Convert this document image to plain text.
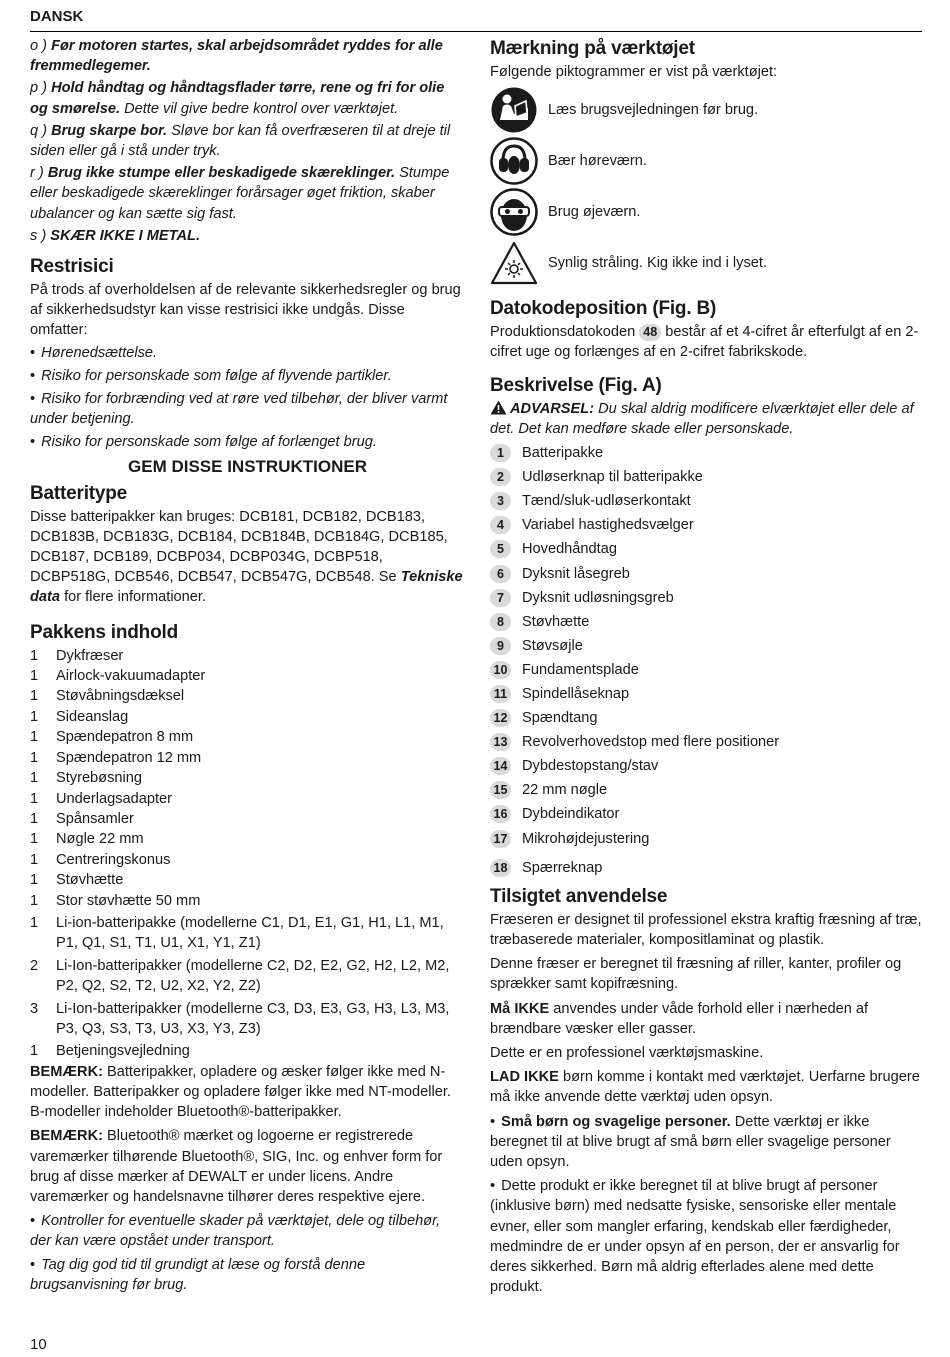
DANSK

o ) Før motoren startes, skal arbejdsområdet ryddes for alle fremmedlegemer.

p ) Hold håndtag og håndtagsflader tørre, rene og fri for olie og smørelse. Dette vil give bedre kontrol over værktøjet.

q ) Brug skarpe bor. Sløve bor kan få overfræseren til at dreje til siden eller gå i stå under tryk.

r ) Brug ikke stumpe eller beskadigede skæreklinger. Stumpe eller beskadigede skæreklinger forårsager øget friktion, skaber ubalancer og kan sætte sig fast.

s ) SKÆR IKKE I METAL.

Restrisici

På trods af overholdelsen af de relevante sikkerhedsregler og brug af sikkerhedsudstyr kan visse restrisici ikke undgås. Disse omfatter:

• Hørenedsættelse.

• Risiko for personskade som følge af flyvende partikler.

• Risiko for forbrænding ved at røre ved tilbehør, der bliver varmt under betjening.

• Risiko for personskade som følge af forlænget brug.

GEM DISSE INSTRUKTIONER
Batteritype

Disse batteripakker kan bruges: DCB181, DCB182, DCB183, DCB183B, DCB183G, DCB184, DCB184B, DCB184G, DCB185, DCB187, DCB189, DCBP034, DCBP034G, DCBP518, DCBP518G, DCB546, DCB547, DCB547G, DCB548. Se Tekniske data for flere informationer.

Pakkens indhold
1	Dykfræser
1	Airlock-vakuumadapter
1	Støvåbningsdæksel
1	Sideanslag
1	Spændepatron 8 mm
1	Spændepatron 12 mm
1	Styrebøsning
1	Underlagsadapter
1	Spånsamler
1	Nøgle 22 mm
1	Centreringskonus
1	Støvhætte
1	Stor støvhætte 50 mm
1	Li-ion-batteripakke (modellerne C1, D1, E1, G1, H1, L1, M1, P1, Q1, S1, T1, U1, X1, Y1, Z1)
2	Li-Ion-batteripakker (modellerne C2, D2, E2, G2, H2, L2, M2, P2, Q2, S2, T2, U2, X2, Y2, Z2)
3	Li-Ion-batteripakker (modellerne C3, D3, E3, G3, H3, L3, M3, P3, Q3, S3, T3, U3, X3, Y3, Z3)
1	Betjeningsvejledning

BEMÆRK: Batteripakker, opladere og æsker følger ikke med N-modeller. Batteripakker og opladere følger ikke med NT-modeller. B-modeller indeholder Bluetooth®-batteripakker.

BEMÆRK: Bluetooth® mærket og logoerne er registrerede varemærker tilhørende Bluetooth®, SIG, Inc. og enhver form for brug af disse mærker af DEWALT er under licens. Andre varemærker og handelsnavne tilhører deres respektive ejere.

• Kontroller for eventuelle skader på værktøjet, dele og tilbehør, der kan være opstået under transport.

• Tag dig god tid til grundigt at læse og forstå denne brugsanvisning før brug.

Mærkning på værktøjet

Følgende piktogrammer er vist på værktøjet:

Læs brugsvejledningen før brug.
Bær høreværn.
Brug øjeværn.
Synlig stråling. Kig ikke ind i lyset.
Datokodeposition (Fig. B)

Produktionsdatokoden 48 består af et 4-cifret år efterfulgt af en 2-cifret uge og forlænges af en 2-cifret fabrikskode.

Beskrivelse (Fig. A)

ADVARSEL: Du skal aldrig modificere elværktøjet eller dele af det. Det kan medføre skade eller personskade.

1	Batteripakke
2	Udløserknap til batteripakke
3	Tænd/sluk-udløserkontakt
4	Variabel hastighedsvælger
5	Hovedhåndtag
6	Dyksnit låsegreb
7	Dyksnit udløsningsgreb
8	Støvhætte
9	Støvsøjle
10 Fundamentsplade
11 Spindellåseknap
12 Spændtang
13 Revolverhovedstop med flere positioner
14 Dybdestopstang/stav
15 22 mm nøgle
16 Dybdeindikator
17 Mikrohøjdejustering
18 Spærreknap
Tilsigtet anvendelse

Fræseren er designet til professionel ekstra kraftig fræsning af træ, træbaserede materialer, kompositlaminat og plastik.

Denne fræser er beregnet til fræsning af riller, kanter, profiler og sprækker samt kopifræsning.

Må IKKE anvendes under våde forhold eller i nærheden af brændbare væsker eller gasser.

Dette er en professionel værktøjsmaskine.

LAD IKKE børn komme i kontakt med værktøjet. Uerfarne brugere må ikke anvende dette værktøj uden opsyn.

• Små børn og svagelige personer. Dette værktøj er ikke beregnet til at blive brugt af små børn eller svagelige personer uden opsyn.

• Dette produkt er ikke beregnet til at blive brugt af personer (inklusive børn) med nedsatte fysiske, sensoriske eller mentale evner, eller som mangler erfaring, kendskab eller færdigheder, medmindre de er under opsyn af en person, der er ansvarlig for deres sikkerhed. Børn må aldrig efterlades alene med dette produkt.

10
